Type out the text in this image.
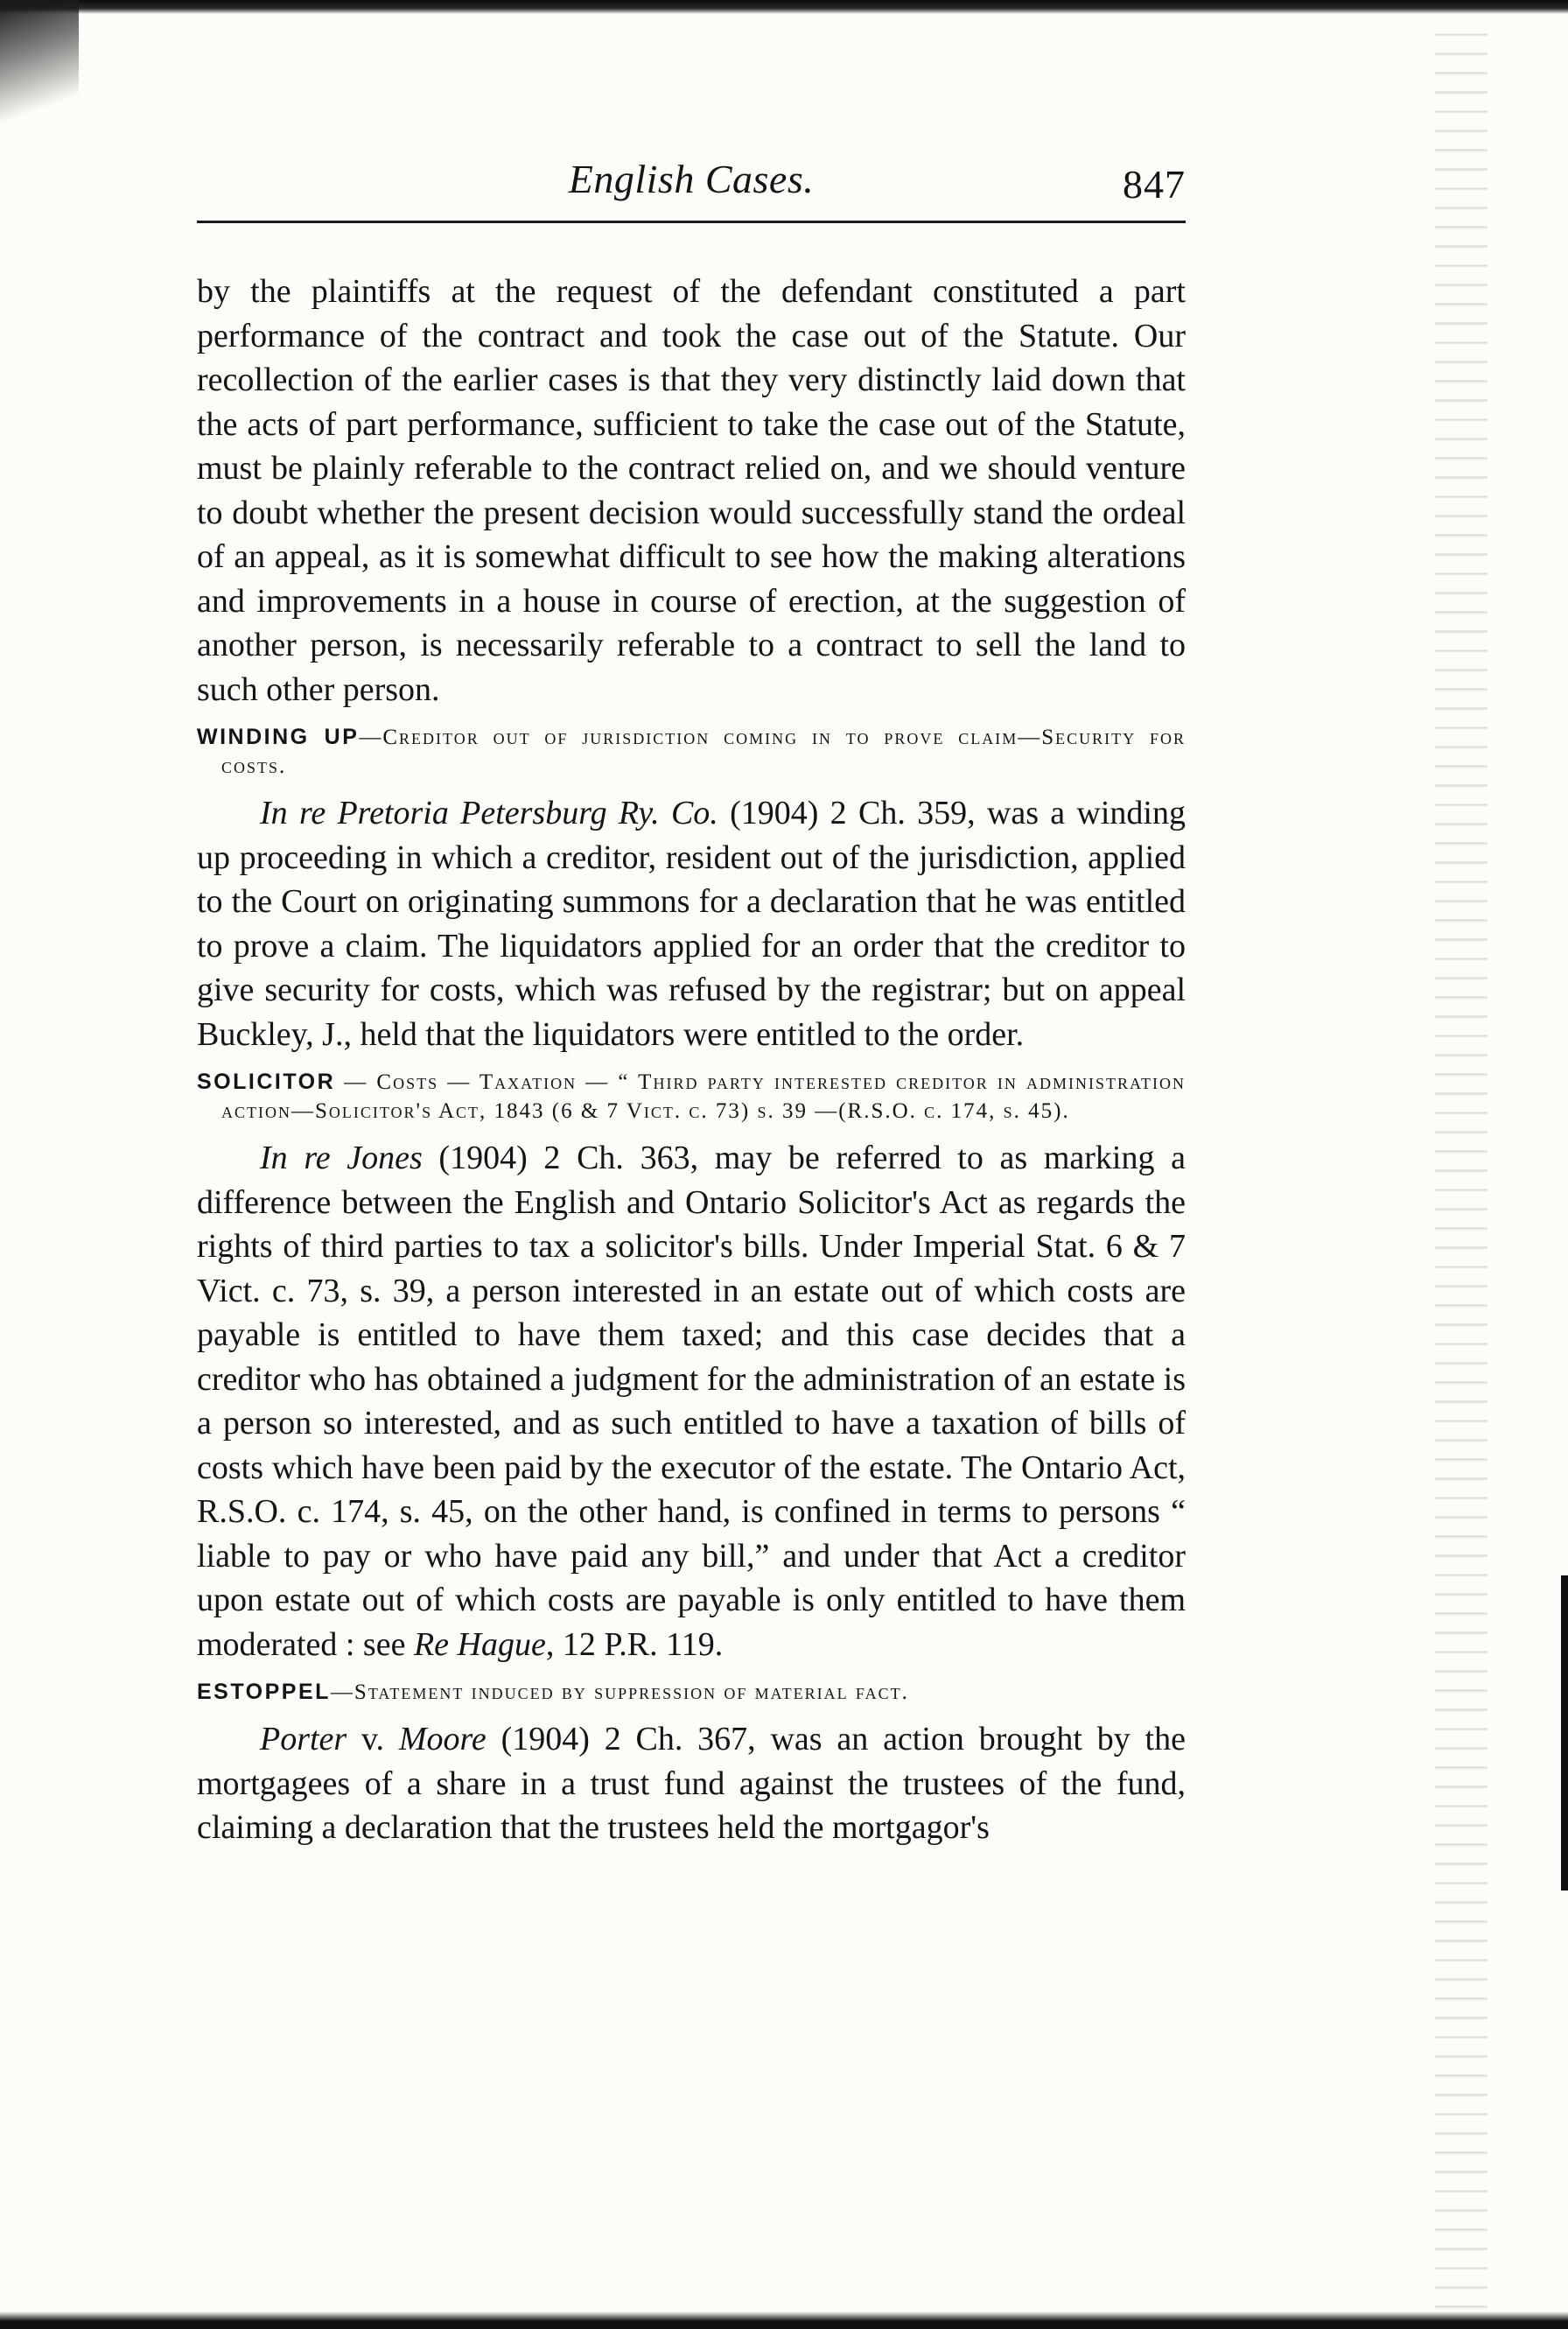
English Cases.	847

by the plaintiffs at the request of the defendant constituted a part performance of the contract and took the case out of the Statute. Our recollection of the earlier cases is that they very distinctly laid down that the acts of part performance, sufficient to take the case out of the Statute, must be plainly referable to the contract relied on, and we should venture to doubt whether the present decision would successfully stand the ordeal of an appeal, as it is somewhat difficult to see how the making alterations and improvements in a house in course of erection, at the suggestion of another person, is necessarily referable to a contract to sell the land to such other person.

WINDING UP—Creditor out of jurisdiction coming in to prove claim—Security for costs.

In re Pretoria Petersburg Ry. Co. (1904) 2 Ch. 359, was a winding up proceeding in which a creditor, resident out of the jurisdiction, applied to the Court on originating summons for a declaration that he was entitled to prove a claim. The liquidators applied for an order that the creditor to give security for costs, which was refused by the registrar; but on appeal Buckley, J., held that the liquidators were entitled to the order.

SOLICITOR — Costs — Taxation — “ Third party interested creditor in administration action—Solicitor's Act, 1843 (6 & 7 Vict. c. 73) s. 39 —(R.S.O. c. 174, s. 45).

In re Jones (1904) 2 Ch. 363, may be referred to as marking a difference between the English and Ontario Solicitor's Act as regards the rights of third parties to tax a solicitor's bills. Under Imperial Stat. 6 & 7 Vict. c. 73, s. 39, a person interested in an estate out of which costs are payable is entitled to have them taxed; and this case decides that a creditor who has obtained a judgment for the administration of an estate is a person so interested, and as such entitled to have a taxation of bills of costs which have been paid by the executor of the estate. The Ontario Act, R.S.O. c. 174, s. 45, on the other hand, is confined in terms to persons “ liable to pay or who have paid any bill,” and under that Act a creditor upon estate out of which costs are payable is only entitled to have them moderated : see Re Hague, 12 P.R. 119.

ESTOPPEL—Statement induced by suppression of material fact.

Porter v. Moore (1904) 2 Ch. 367, was an action brought by the mortgagees of a share in a trust fund against the trustees of the fund, claiming a declaration that the trustees held the mortgagor's
